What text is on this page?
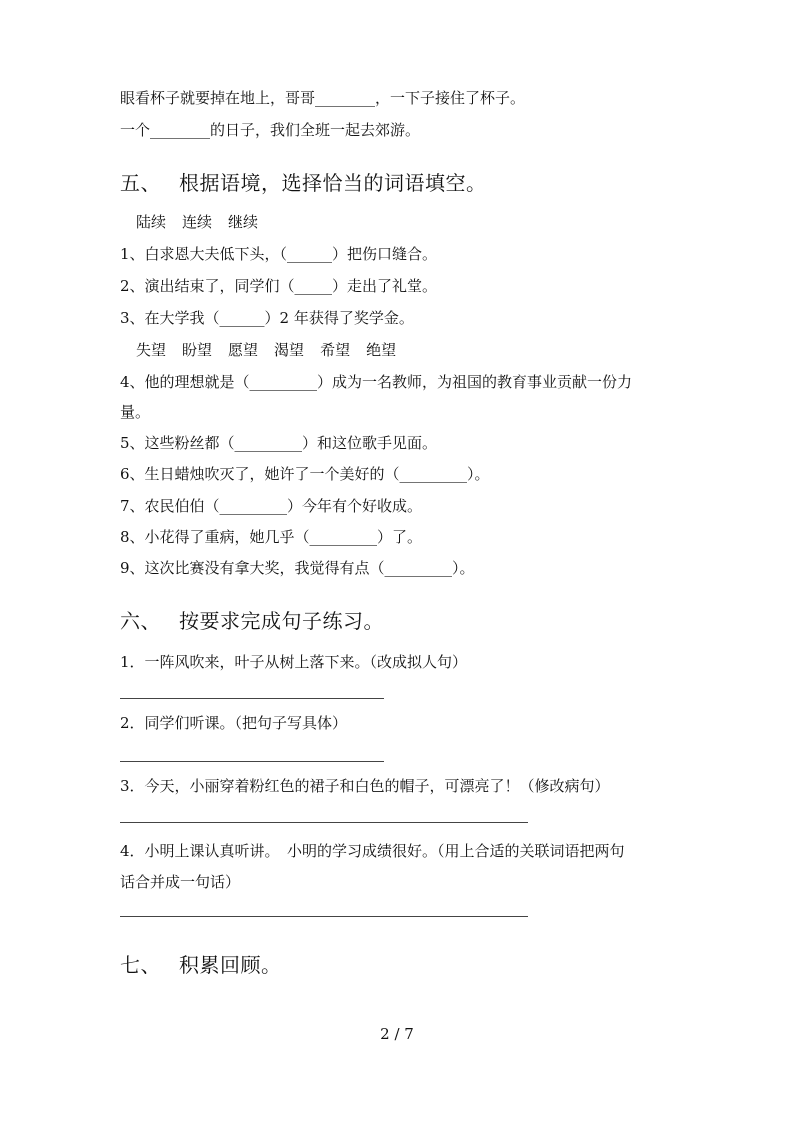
眼看杯子就要掉在地上，哥哥________，一下子接住了杯子。
一个________的日子，我们全班一起去郊游。
五、 根据语境，选择恰当的词语填空。
陆续 连续 继续
1、白求恩大夫低下头，（______）把伤口缝合。
2、演出结束了，同学们（_____）走出了礼堂。
3、在大学我（______）2 年获得了奖学金。
失望 盼望 愿望 渴望 希望 绝望
4、他的理想就是（_________）成为一名教师，为祖国的教育事业贡献一份力
量。
5、这些粉丝都（_________）和这位歌手见面。
6、生日蜡烛吹灭了，她许了一个美好的（_________）。
7、农民伯伯（_________）今年有个好收成。
8、小花得了重病，她几乎（_________）了。
9、这次比赛没有拿大奖，我觉得有点（_________）。
六、 按要求完成句子练习。
1．一阵风吹来，叶子从树上落下来。（改成拟人句）
2．同学们听课。（把句子写具体）
3．今天，小丽穿着粉红色的裙子和白色的帽子，可漂亮了！（修改病句）
4．小明上课认真听讲。　小明的学习成绩很好。（用上合适的关联词语把两句
话合并成一句话）
七、 积累回顾。
2 / 7
